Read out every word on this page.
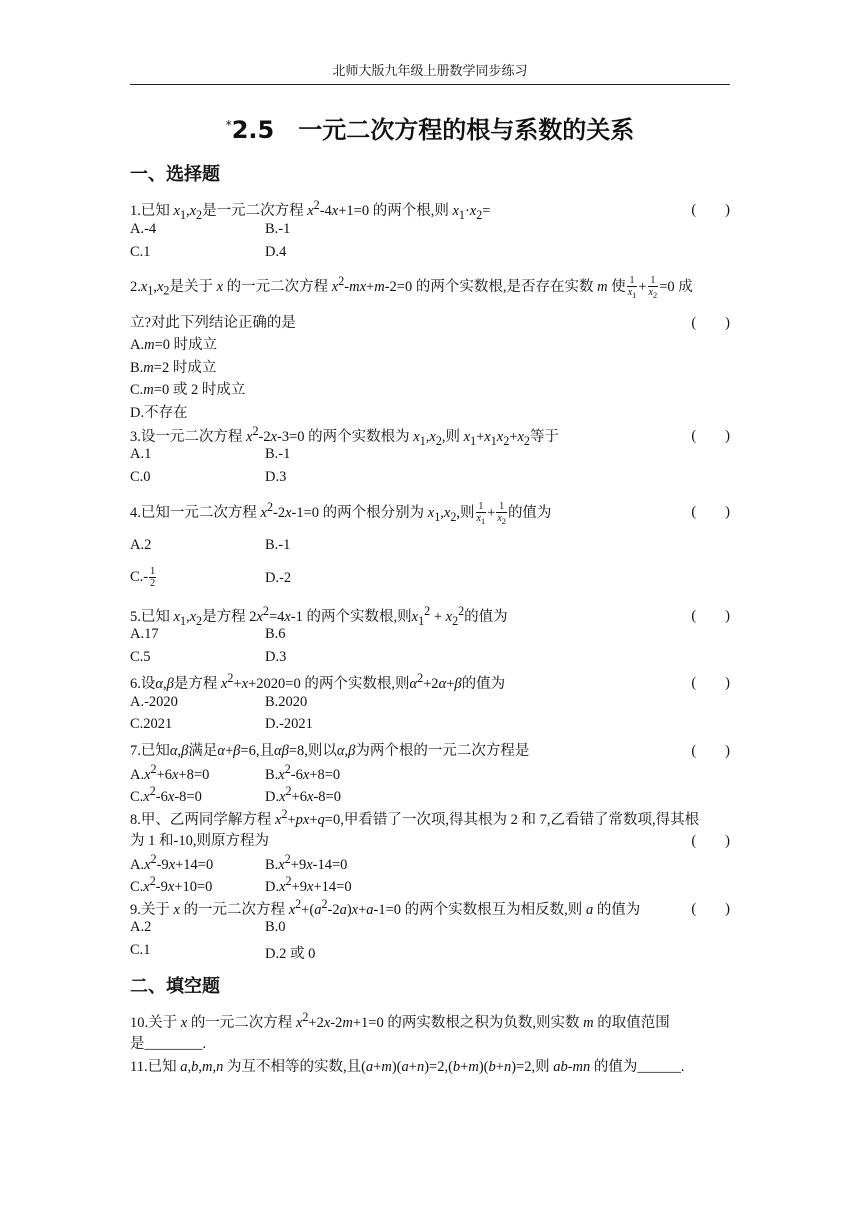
北师大版九年级上册数学同步练习
*2.5　一元二次方程的根与系数的关系
一、选择题
1.已知 $x_1,x_2$是一元二次方程 $x^2-4x+1=0$ 的两个根,则 $x_1\cdot x_2=$	(　　)
A.-4	B.-1
C.1	D.4
$2.x_1,x_2$是关于 x 的一元二次方程 $x^2-mx+m-2=0$ 的两个实数根,是否存在实数 m 使 $\frac{1}{x_1} + \frac{1}{x_2} =0$ 成
立?对此下列结论正确的是	(　　)
A.m=0 时成立
B.m=2 时成立
C.m=0 或 2 时成立
D.不存在
3.设一元二次方程 $x^2-2x-3=0$ 的两个实数根为 $x_1,x_2$,则 $x_1+x_1x_2+x_2$等于	(　　)
A.1	B.-1
C.0	D.3
4.已知一元二次方程 $x^2-2x-1=0$ 的两个根分别为 $x_1,x_2$,则 $\frac{1}{x_1} + \frac{1}{x_2}$ 的值为	(　　)
A.2	B.-1
$C.- \frac{1}{2}$	D.-2
5.已知 $x_1,x_2$是方程 $2x^2=4x-1$ 的两个实数根,则$x_1^2 + x_2^2$的值为	(　　)
A.17	B.6
C.5	D.3
6.设α,β是方程 $x^2+x+2020=0$ 的两个实数根,则$\alpha^2+2\alpha+\beta$的值为	(　　)
A.-2020	B.2020
C.2021	D.-2021
7.已知α,β满足α+β=6,且αβ=8,则以α,β为两个根的一元二次方程是	(　　)
$A.x^2+6x+8=0$	$B.x^2-6x+8=0$
$C.x^2-6x-8=0$	$D.x^2+6x-8=0$
8.甲、乙两同学解方程 $x^2+px+q=0$,甲看错了一次项,得其根为 2 和 7,乙看错了常数项,得其根
为 1 和-10,则原方程为	(　　)
$A.x^2-9x+14=0$	$B.x^2+9x-14=0$
$C.x^2-9x+10=0$	$D.x^2+9x+14=0$
9.关于 x 的一元二次方程 $x^2+(a^2-2a)x+a-1=0$ 的两个实数根互为相反数,则 a 的值为	(　　)
A.2	B.0
C.1	D.2 或 0
二、填空题
10.关于 x 的一元二次方程 $x^2+2x-2m+1=0$ 的两实数根之积为负数,则实数 m 的取值范围
是________.
11.已知 a,b,m,n 为互不相等的实数,且(a+m)(a+n)=2,(b+m)(b+n)=2,则 ab-mn 的值为______.
